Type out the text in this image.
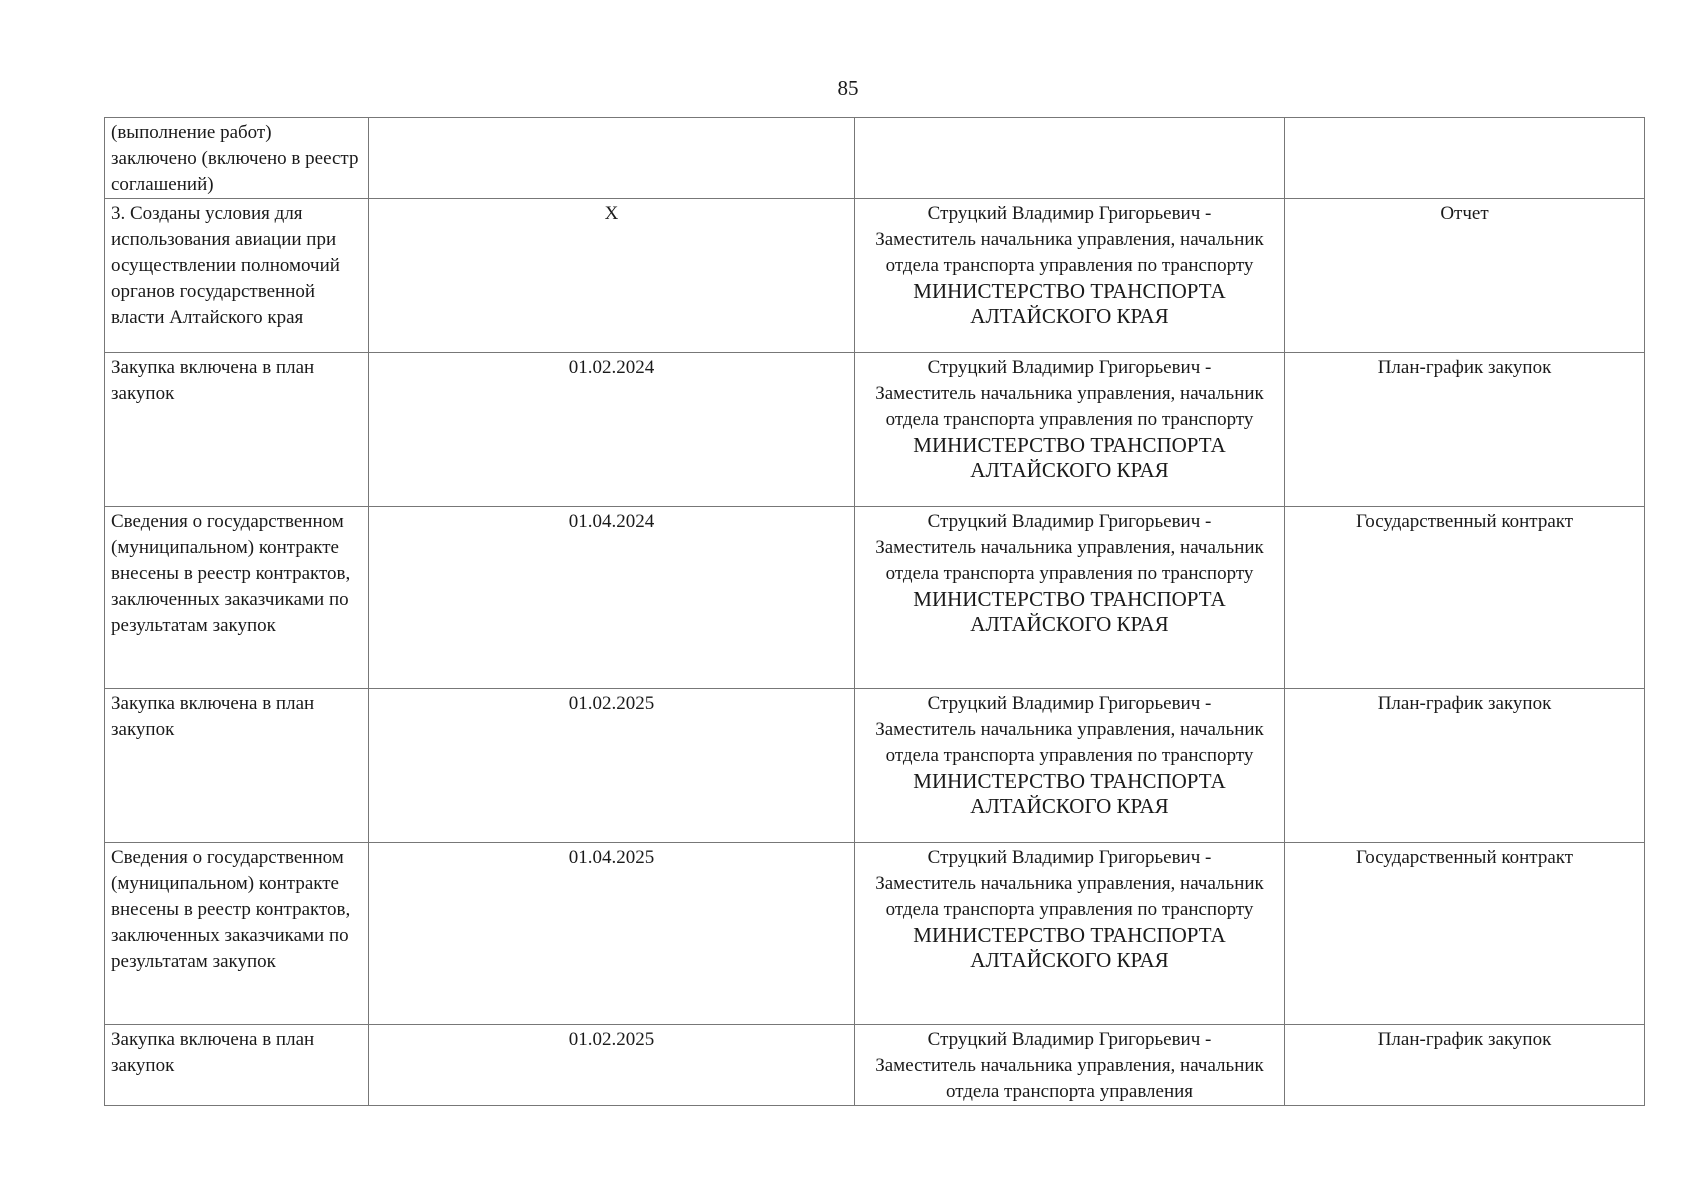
85
(выполнение работ) заключено (включено в реестр соглашений)			
3. Созданы условия для использования авиации при осуществлении полномочий органов государственной власти Алтайского края	Х	Струцкий Владимир Григорьевич -
Заместитель начальника управления, начальник отдела транспорта управления по транспорту
МИНИСТЕРСТВО ТРАНСПОРТА
АЛТАЙСКОГО КРАЯ	Отчет
Закупка включена в план закупок	01.02.2024	Струцкий Владимир Григорьевич -
Заместитель начальника управления, начальник отдела транспорта управления по транспорту
МИНИСТЕРСТВО ТРАНСПОРТА
АЛТАЙСКОГО КРАЯ	План-график закупок
Сведения о государственном (муниципальном) контракте внесены в реестр контрактов, заключенных заказчиками по результатам закупок	01.04.2024	Струцкий Владимир Григорьевич -
Заместитель начальника управления, начальник отдела транспорта управления по транспорту
МИНИСТЕРСТВО ТРАНСПОРТА
АЛТАЙСКОГО КРАЯ	Государственный контракт
Закупка включена в план закупок	01.02.2025	Струцкий Владимир Григорьевич -
Заместитель начальника управления, начальник отдела транспорта управления по транспорту
МИНИСТЕРСТВО ТРАНСПОРТА
АЛТАЙСКОГО КРАЯ	План-график закупок
Сведения о государственном (муниципальном) контракте внесены в реестр контрактов, заключенных заказчиками по результатам закупок	01.04.2025	Струцкий Владимир Григорьевич -
Заместитель начальника управления, начальник отдела транспорта управления по транспорту
МИНИСТЕРСТВО ТРАНСПОРТА
АЛТАЙСКОГО КРАЯ	Государственный контракт
Закупка включена в план закупок	01.02.2025	Струцкий Владимир Григорьевич -
Заместитель начальника управления, начальник отдела транспорта управления	План-график закупок
